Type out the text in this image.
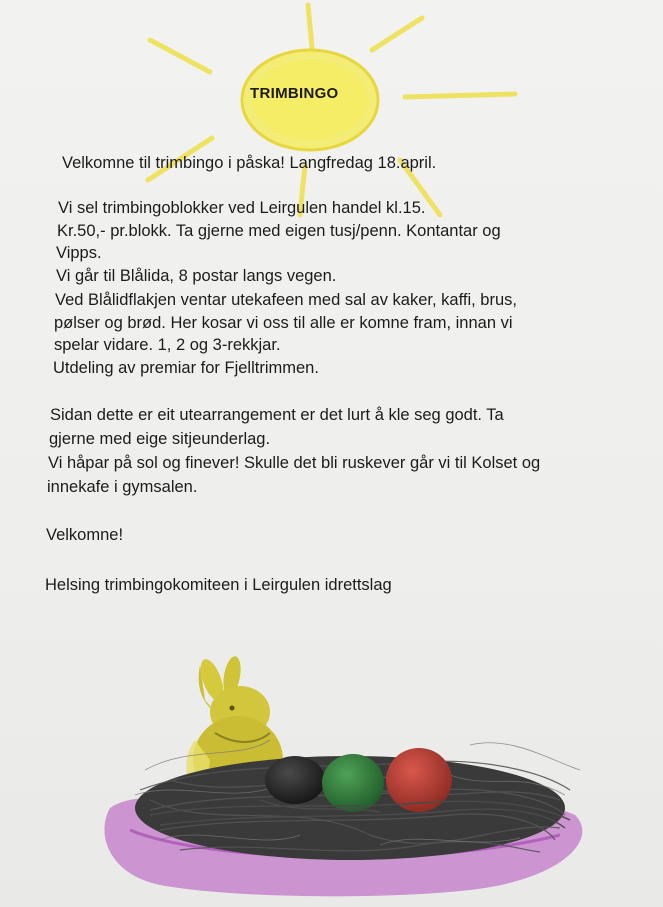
TRIMBINGO
Velkomne til trimbingo i påska! Langfredag 18.april.
Vi sel trimbingoblokker ved Leirgulen handel kl.15.
Kr.50,- pr.blokk. Ta gjerne med eigen tusj/penn. Kontantar og
Vipps.
Vi går til Blålida, 8 postar langs vegen.
Ved Blålidflakjen ventar utekafeen med sal av kaker, kaffi, brus,
pølser og brød. Her kosar vi oss til alle er komne fram, innan vi
spelar vidare. 1, 2 og 3-rekkjar.
Utdeling av premiar for Fjelltrimmen.
Sidan dette er eit utearrangement er det lurt å kle seg godt. Ta
gjerne med eige sitjeunderlag.
Vi håpar på sol og finever! Skulle det bli ruskever går vi til Kolset og
innekafe i gymsalen.
Velkomne!
Helsing trimbingokomiteen i Leirgulen idrettslag
